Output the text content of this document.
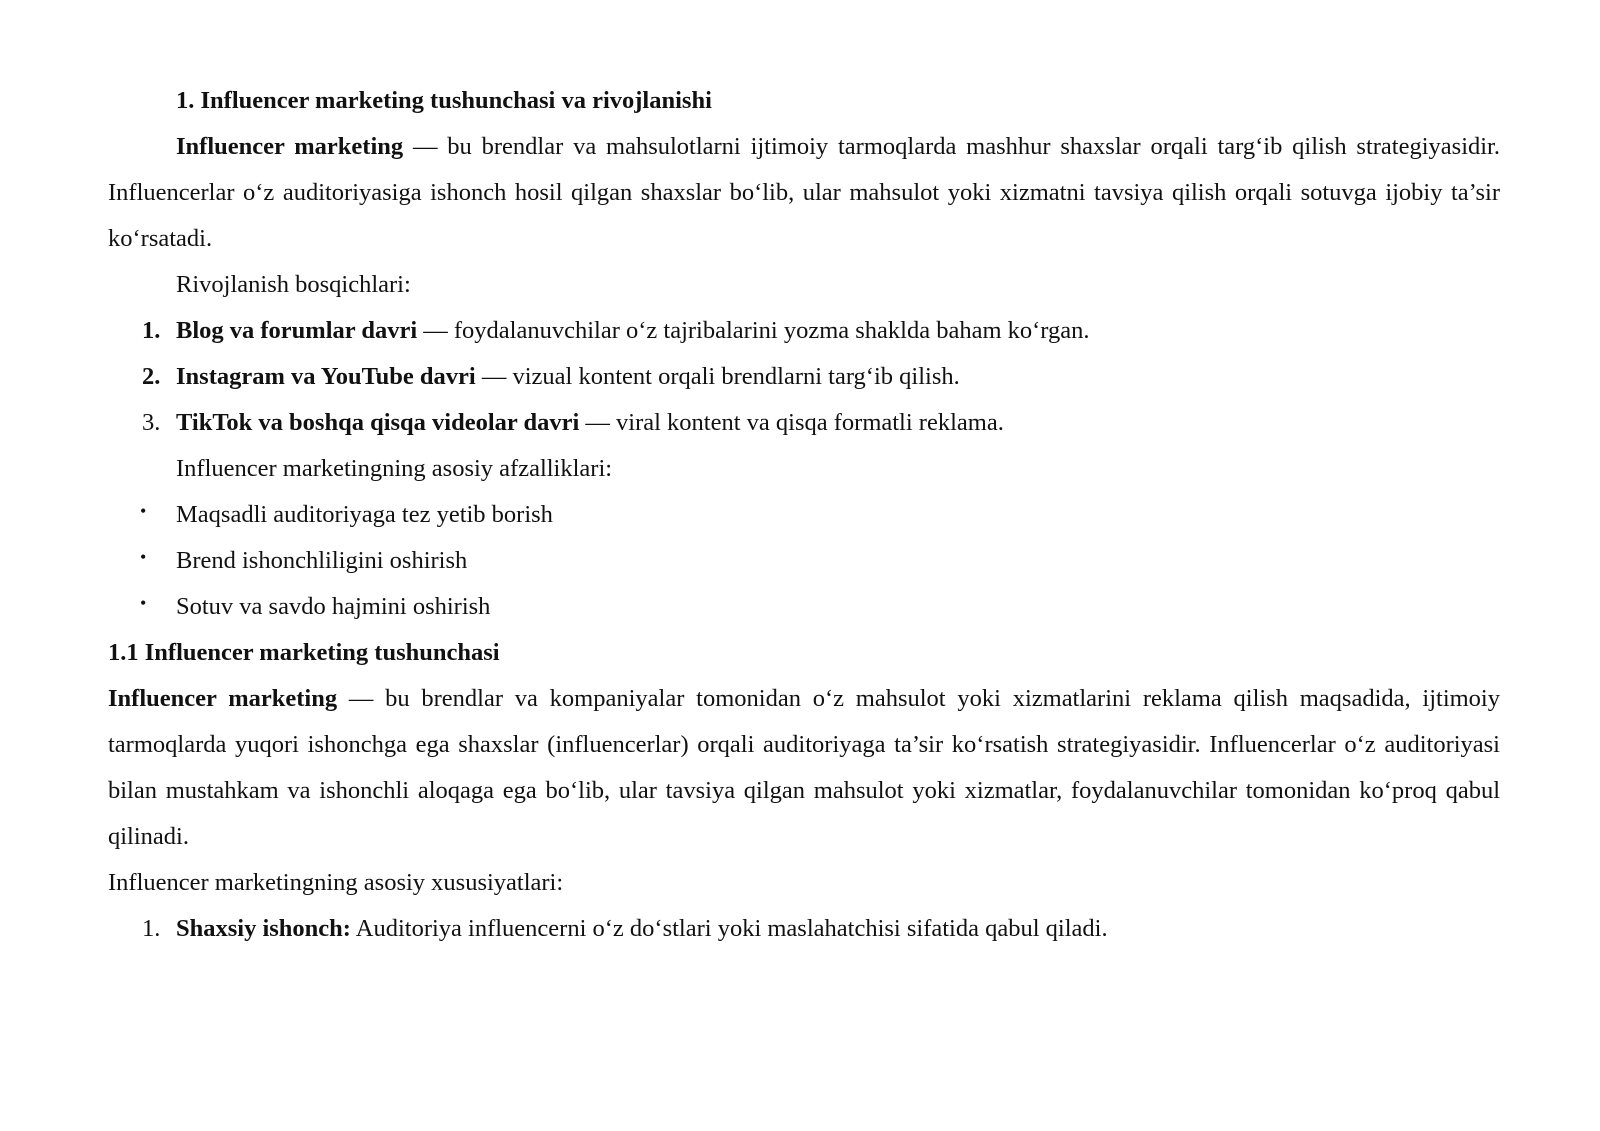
1. Influencer marketing tushunchasi va rivojlanishi
Influencer marketing — bu brendlar va mahsulotlarni ijtimoiy tarmoqlarda mashhur shaxslar orqali targ‘ib qilish strategiyasidir. Influencerlar o‘z auditoriyasiga ishonch hosil qilgan shaxslar bo‘lib, ular mahsulot yoki xizmatni tavsiya qilish orqali sotuvga ijobiy ta’sir ko‘rsatadi.
Rivojlanish bosqichlari:
1. Blog va forumlar davri — foydalanuvchilar o‘z tajribalarini yozma shaklda baham ko‘rgan.
2. Instagram va YouTube davri — vizual kontent orqali brendlarni targ‘ib qilish.
3. TikTok va boshqa qisqa videolar davri — viral kontent va qisqa formatli reklama.
Influencer marketingning asosiy afzalliklari:
• Maqsadli auditoriyaga tez yetib borish
• Brend ishonchliligini oshirish
• Sotuv va savdo hajmini oshirish
1.1 Influencer marketing tushunchasi
Influencer marketing — bu brendlar va kompaniyalar tomonidan o‘z mahsulot yoki xizmatlarini reklama qilish maqsadida, ijtimoiy tarmoqlarda yuqori ishonchga ega shaxslar (influencerlar) orqali auditoriyaga ta’sir ko‘rsatish strategiyasidir. Influencerlar o‘z auditoriyasi bilan mustahkam va ishonchli aloqaga ega bo‘lib, ular tavsiya qilgan mahsulot yoki xizmatlar, foydalanuvchilar tomonidan ko‘proq qabul qilinadi.
Influencer marketingning asosiy xususiyatlari:
1. Shaxsiy ishonch: Auditoriya influencerni o‘z do‘stlari yoki maslahatchisi sifatida qabul qiladi.
